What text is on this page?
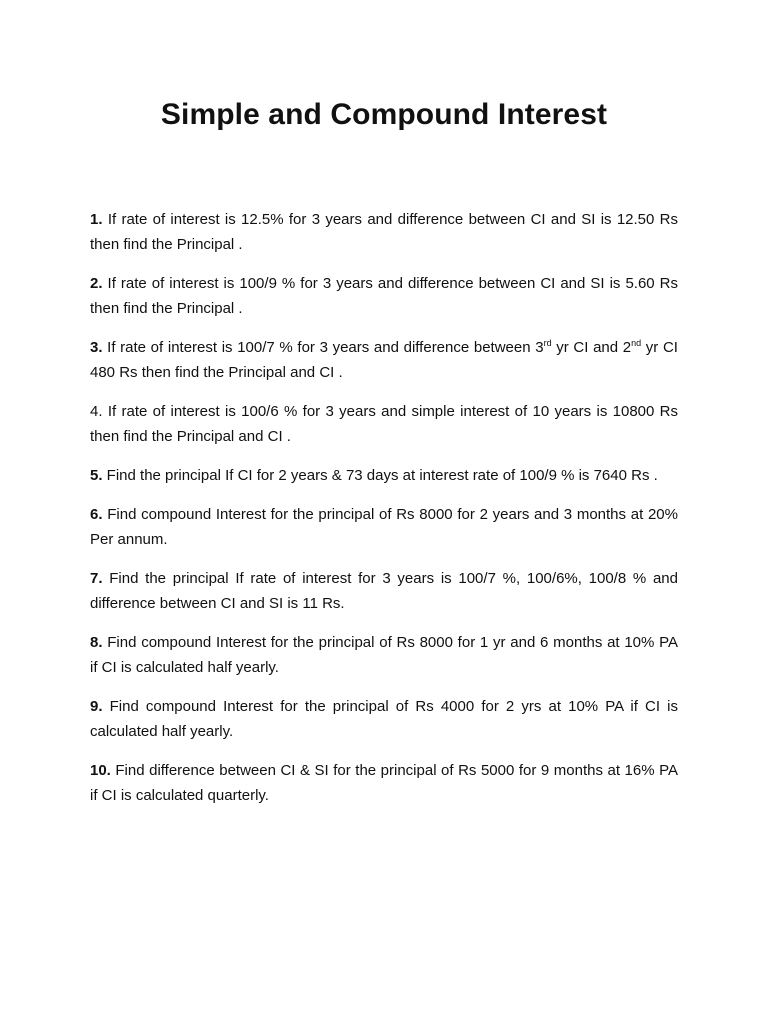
Simple and Compound Interest
1. If rate of interest is 12.5% for 3 years and difference between CI and SI is 12.50 Rs then find the Principal .
2. If rate of interest is 100/9 % for 3 years and difference between CI and SI is 5.60 Rs then find the Principal .
3. If rate of interest is 100/7 % for 3 years and difference between 3rd yr CI and 2nd yr CI 480 Rs then find the Principal and CI .
4. If rate of interest is 100/6 % for 3 years and simple interest of 10 years is 10800 Rs then find the Principal and CI .
5. Find the principal If CI for 2 years & 73 days at interest rate of 100/9 % is 7640 Rs .
6. Find compound Interest for the principal of Rs 8000 for 2 years and 3 months at 20% Per annum.
7. Find the principal If rate of interest for 3 years is 100/7 %, 100/6%, 100/8 % and difference between CI and SI is 11 Rs.
8. Find compound Interest for the principal of Rs 8000 for 1 yr and 6 months at 10% PA if CI is calculated half yearly.
9. Find compound Interest for the principal of Rs 4000 for 2 yrs at 10% PA if CI is calculated half yearly.
10. Find difference between CI & SI for the principal of Rs 5000 for 9 months at 16% PA if CI is calculated quarterly.
